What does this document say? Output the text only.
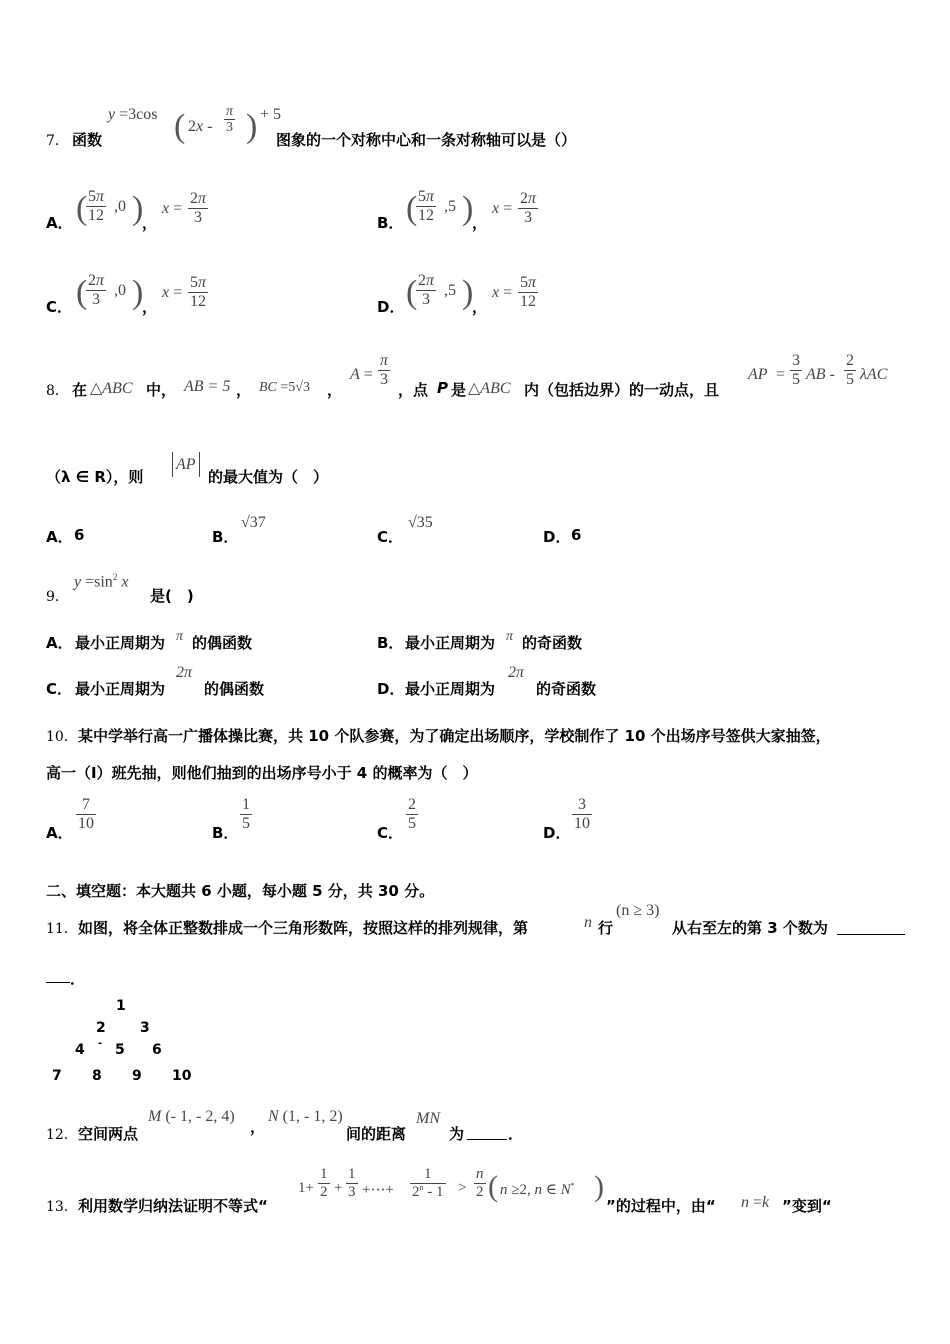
7． 函数
y =3cos ( $2x - \frac{\pi}{3}$ ) + 5
图象的一个对称中心和一条对称轴可以是（）
A． (
$\frac{5\pi}{12} ,0$ )
，
$x = \frac{2\pi}{3}$	B． (
$\frac{5\pi}{12} ,5$ )
，
$x = \frac{2\pi}{3}$
C． (
$\frac{2\pi}{3} ,0$ )
，
$x = \frac{5\pi}{12}$	D． (
$\frac{2\pi}{3} ,5$ )
，
$x = \frac{5\pi}{12}$
8． 在 △ABC 中， AB = 5 ， BC =5√3 ，
$A = \frac{\pi}{3}$
，点 P 是 △ABC 内（包括边界）的一动点，且
AP = $\frac{3}{5}$ AB - $\frac{2}{5}$ λAC
（λ ∈ R），则
AP
的最大值为（　）
A． 6	B．
√37
C．
√35
D． 6
9．
$y =\sin^2$ x
是(　)
A． 最小正周期为 π 的偶函数	B． 最小正周期为 π 的奇函数
C． 最小正周期为
2π
的偶函数	D． 最小正周期为
2π
的奇函数
10． 某中学举行高一广播体操比赛，共 10 个队参赛，为了确定出场顺序，学校制作了 10 个出场序号签供大家抽签，
高一（I）班先抽，则他们抽到的出场序号小于 4 的概率为（　）
A．
$\frac{7}{10}$
B．
$\frac{1}{5}$
C．
$\frac{2}{5}$
D．
$\frac{3}{10}$
二、填空题：本大题共 6 小题，每小题 5 分，共 30 分。
11． 如图，将全体正整数排成一个三角形数阵，按照这样的排列规律，第	n 行
(n ≥ 3)
从右至左的第 3 个数为
．
1
2 3
4 - 5 6
7 8 9 10
12． 空间两点
M (- 1, - 2, 4)
，
N (1, - 1, 2)
间的距离
MN
为	．
13． 利用数学归纳法证明不等式“
$1+ \frac{1}{2} + \frac{1}{3}$ +⋯+ $\frac{1}{2^n - 1} > \frac{n}{2}$ ( n ≥2, n ∈ N* )
”的过程中，由“ n =k ”变到“
